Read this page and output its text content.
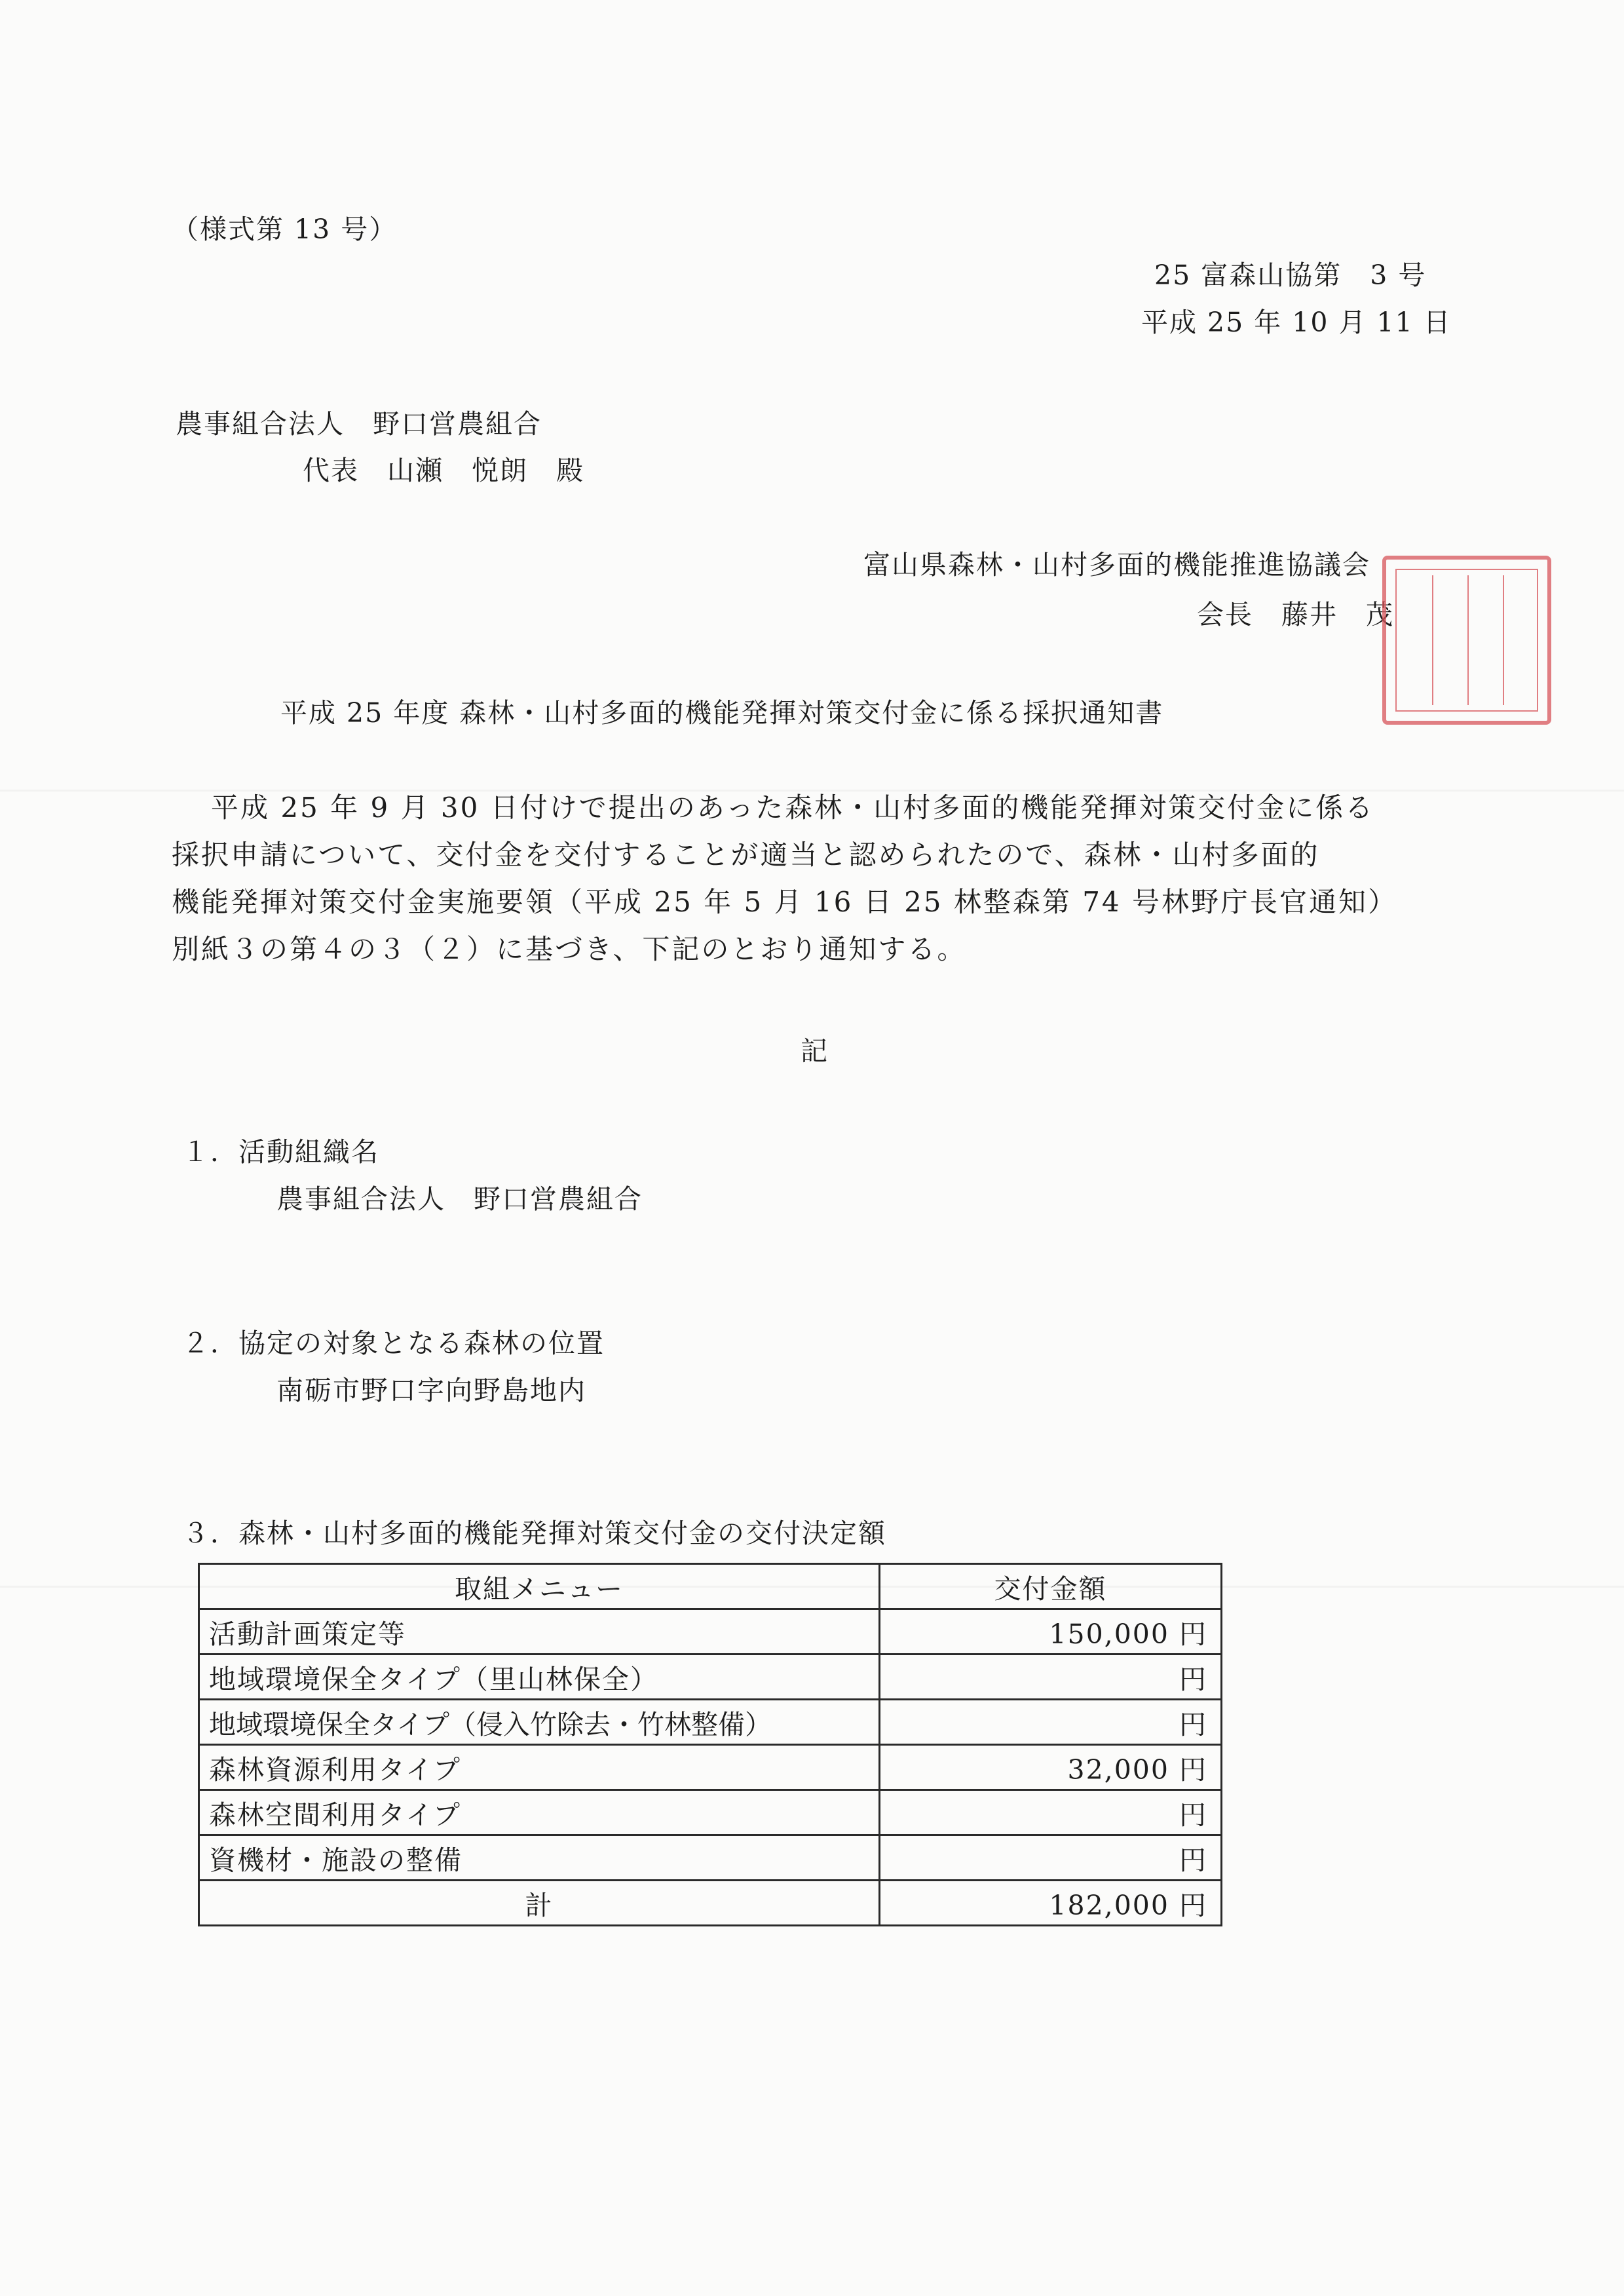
（様式第 13 号）
25 富森山協第　3 号
平成 25 年 10 月 11 日
農事組合法人　野口営農組合
代表　山瀬　悦朗　殿
富山県森林・山村多面的機能推進協議会
会長　藤井　茂
平成 25 年度 森林・山村多面的機能発揮対策交付金に係る採択通知書
平成 25 年 9 月 30 日付けで提出のあった森林・山村多面的機能発揮対策交付金に係る
採択申請について、交付金を交付することが適当と認められたので、森林・山村多面的
機能発揮対策交付金実施要領（平成 25 年 5 月 16 日 25 林整森第 74 号林野庁長官通知）
別紙３の第４の３（２）に基づき、下記のとおり通知する。
記
１．活動組織名
農事組合法人　野口営農組合
２．協定の対象となる森林の位置
南砺市野口字向野島地内
３．森林・山村多面的機能発揮対策交付金の交付決定額
取組メニュー	交付金額
活動計画策定等	150,000 円
地域環境保全タイプ（里山林保全）	円
地域環境保全タイプ（侵入竹除去・竹林整備）	円
森林資源利用タイプ	32,000 円
森林空間利用タイプ	円
資機材・施設の整備	円
計	182,000 円
